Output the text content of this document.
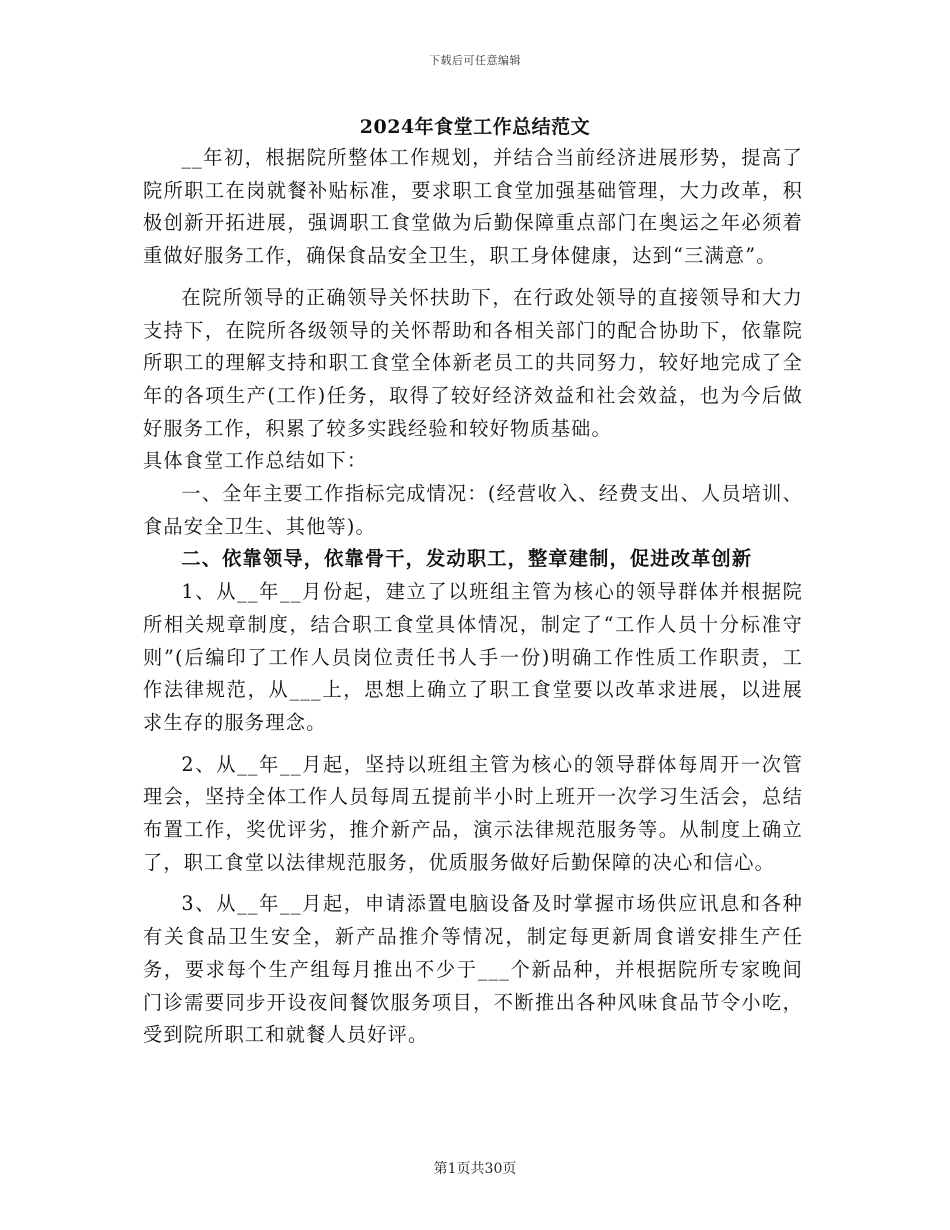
下载后可任意编辑
2024年食堂工作总结范文

__年初，根据院所整体工作规划，并结合当前经济进展形势，提高了院所职工在岗就餐补贴标准，要求职工食堂加强基础管理，大力改革，积极创新开拓进展，强调职工食堂做为后勤保障重点部门在奥运之年必须着重做好服务工作，确保食品安全卫生，职工身体健康，达到“三满意”。

在院所领导的正确领导关怀扶助下，在行政处领导的直接领导和大力支持下，在院所各级领导的关怀帮助和各相关部门的配合协助下，依靠院所职工的理解支持和职工食堂全体新老员工的共同努力，较好地完成了全年的各项生产(工作)任务，取得了较好经济效益和社会效益，也为今后做好服务工作，积累了较多实践经验和较好物质基础。

具体食堂工作总结如下：

一、全年主要工作指标完成情况：(经营收入、经费支出、人员培训、食品安全卫生、其他等)。

二、依靠领导，依靠骨干，发动职工，整章建制，促进改革创新

1、从__年__月份起，建立了以班组主管为核心的领导群体并根据院所相关规章制度，结合职工食堂具体情况，制定了“工作人员十分标准守则”(后编印了工作人员岗位责任书人手一份)明确工作性质工作职责，工作法律规范，从___上，思想上确立了职工食堂要以改革求进展，以进展求生存的服务理念。

2、从__年__月起，坚持以班组主管为核心的领导群体每周开一次管理会，坚持全体工作人员每周五提前半小时上班开一次学习生活会，总结布置工作，奖优评劣，推介新产品，演示法律规范服务等。从制度上确立了，职工食堂以法律规范服务，优质服务做好后勤保障的决心和信心。

3、从__年__月起，申请添置电脑设备及时掌握市场供应讯息和各种有关食品卫生安全，新产品推介等情况，制定每更新周食谱安排生产任务，要求每个生产组每月推出不少于___个新品种，并根据院所专家晚间门诊需要同步开设夜间餐饮服务项目，不断推出各种风味食品节令小吃，受到院所职工和就餐人员好评。

第1页共30页
